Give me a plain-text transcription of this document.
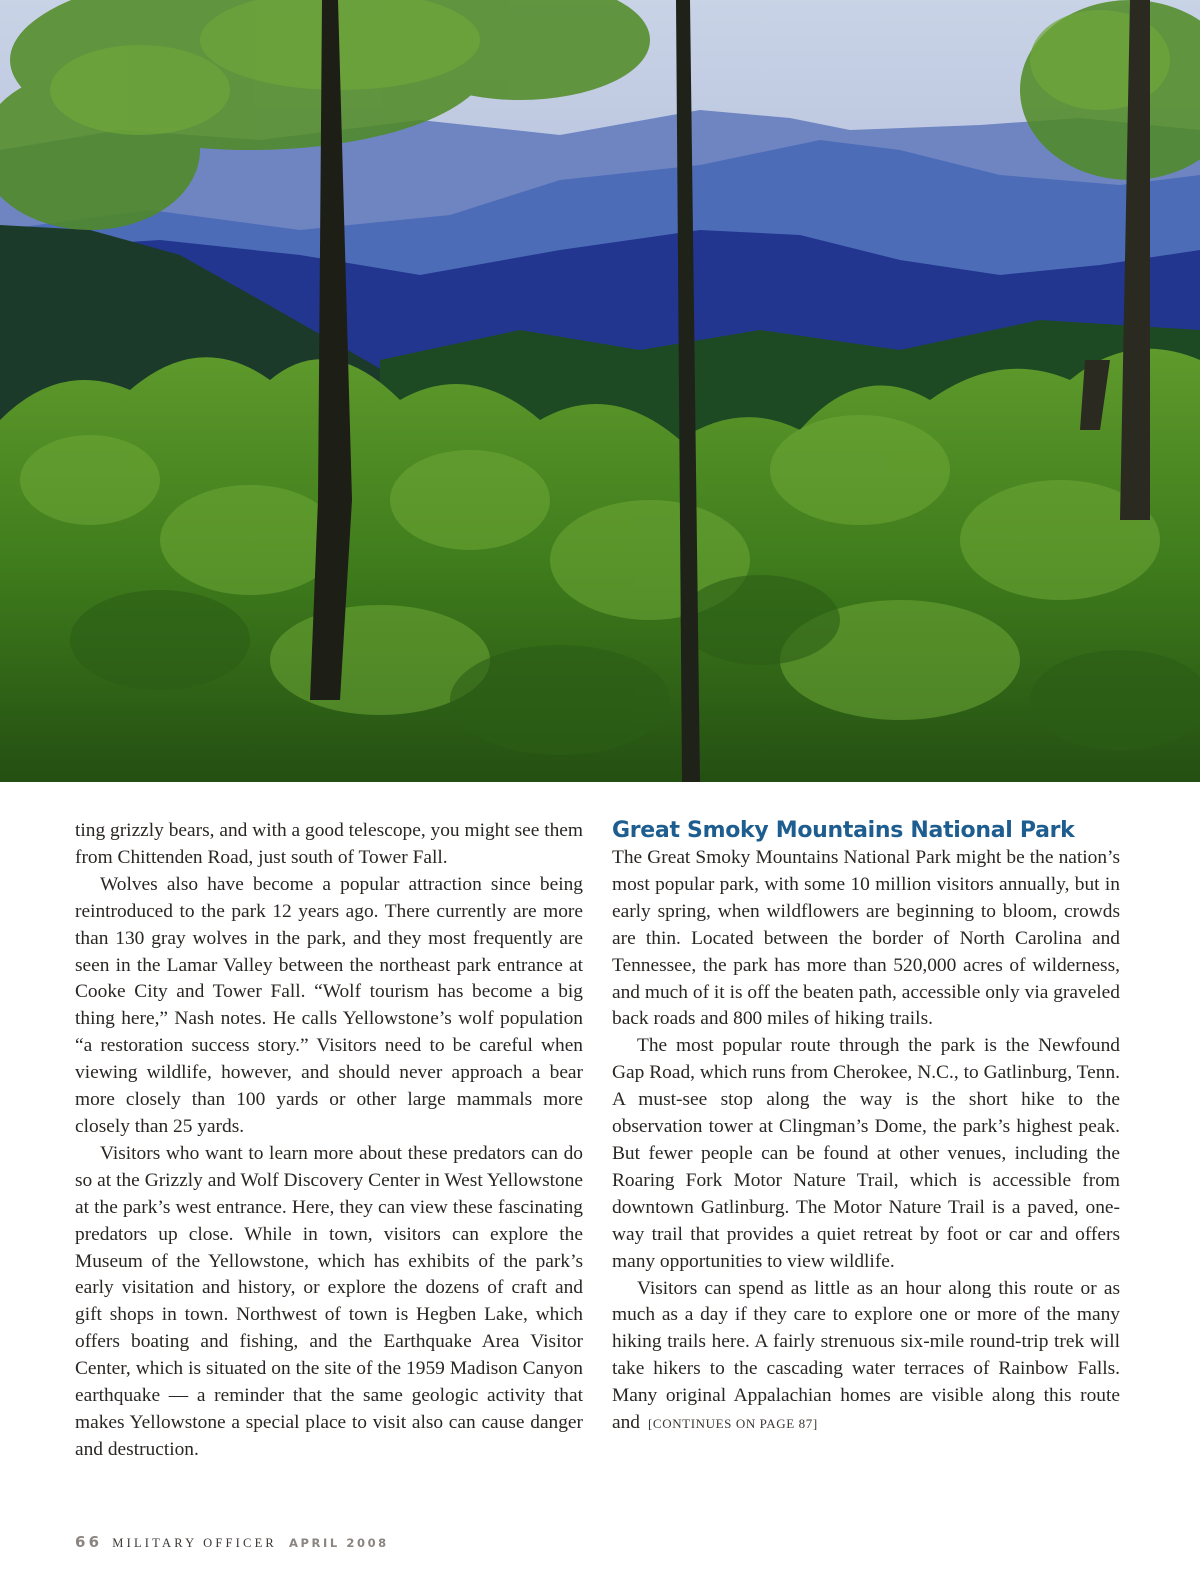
ting grizzly bears, and with a good telescope, you might see them from Chittenden Road, just south of Tower Fall.

Wolves also have become a popular attraction since being reintroduced to the park 12 years ago. There currently are more than 130 gray wolves in the park, and they most frequently are seen in the Lamar Valley between the northeast park entrance at Cooke City and Tower Fall. “Wolf tourism has become a big thing here,” Nash notes. He calls Yellowstone’s wolf population “a restoration success story.” Visitors need to be careful when viewing wildlife, however, and should never approach a bear more closely than 100 yards or other large mammals more closely than 25 yards.

Visitors who want to learn more about these predators can do so at the Grizzly and Wolf Discovery Center in West Yellowstone at the park’s west entrance. Here, they can view these fascinating predators up close. While in town, visitors can explore the Museum of the Yellowstone, which has exhibits of the park’s early visitation and history, or explore the dozens of craft and gift shops in town. Northwest of town is Hegben Lake, which offers boating and fishing, and the Earthquake Area Visitor Center, which is situated on the site of the 1959 Madison Canyon earthquake — a reminder that the same geologic activity that makes Yellowstone a special place to visit also can cause danger and destruction.

Great Smoky Mountains National Park

The Great Smoky Mountains National Park might be the nation’s most popular park, with some 10 million visitors annually, but in early spring, when wildflowers are beginning to bloom, crowds are thin. Located between the border of North Carolina and Tennessee, the park has more than 520,000 acres of wilderness, and much of it is off the beaten path, accessible only via graveled back roads and 800 miles of hiking trails.

The most popular route through the park is the Newfound Gap Road, which runs from Cherokee, N.C., to Gatlinburg, Tenn. A must-see stop along the way is the short hike to the observation tower at Clingman’s Dome, the park’s highest peak. But fewer people can be found at other venues, including the Roaring Fork Motor Nature Trail, which is accessible from downtown Gatlinburg. The Motor Nature Trail is a paved, one-way trail that provides a quiet retreat by foot or car and offers many opportunities to view wildlife.

Visitors can spend as little as an hour along this route or as much as a day if they care to explore one or more of the many hiking trails here. A fairly strenuous six-mile round-trip trek will take hikers to the cascading water terraces of Rainbow Falls. Many original Appalachian homes are visible along this route and [CONTINUES ON PAGE 87]

66 MILITARY OFFICER APRIL 2008
